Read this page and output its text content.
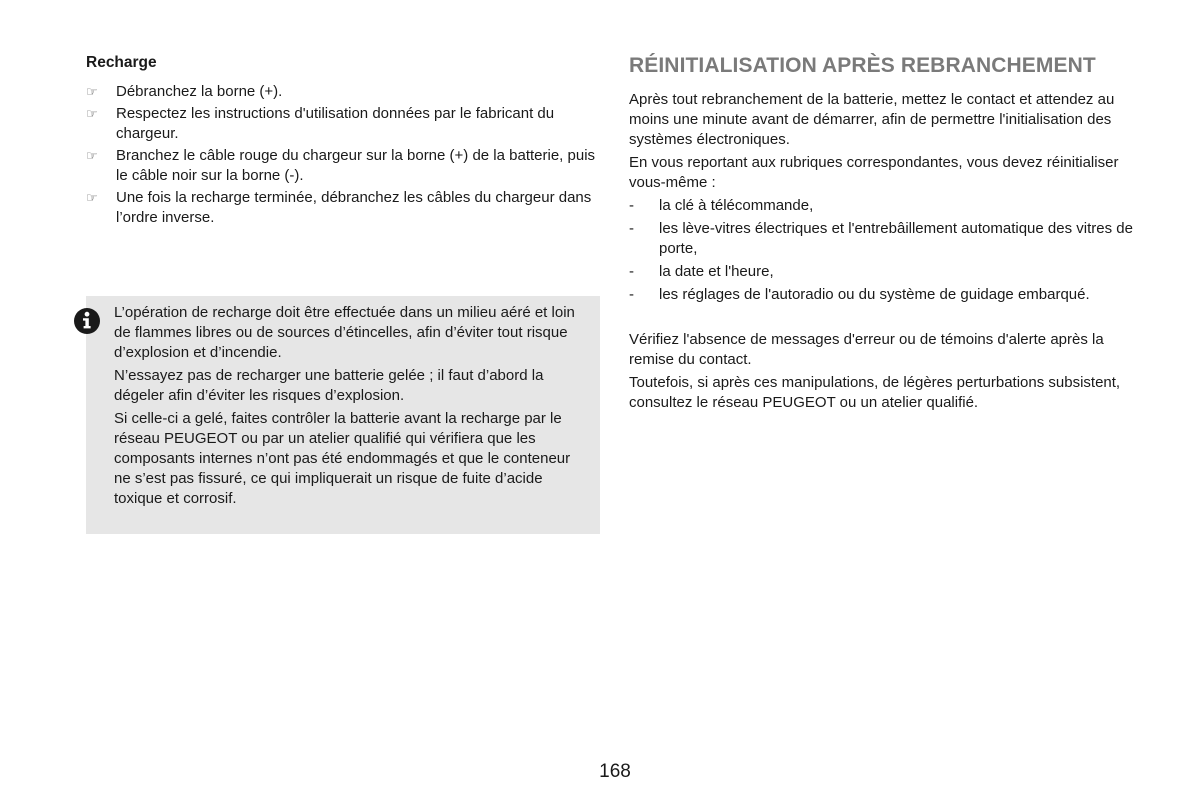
Recharge
☞ Débranchez la borne (+).
☞ Respectez les instructions d'utilisation données par le fabricant du chargeur.
☞ Branchez le câble rouge du chargeur sur la borne (+) de la batterie, puis le câble noir sur la borne (-).
☞ Une fois la recharge terminée, débranchez les câbles du chargeur dans l’ordre inverse.

L’opération de recharge doit être effectuée dans un milieu aéré et loin de flammes libres ou de sources d’étincelles, afin d’éviter tout risque d’explosion et d’incendie.

N’essayez pas de recharger une batterie gelée ; il faut d’abord la dégeler afin d’éviter les risques d’explosion.

Si celle-ci a gelé, faites contrôler la batterie avant la recharge par le réseau PEUGEOT ou par un atelier qualifié qui vérifiera que les composants internes n’ont pas été endommagés et que le conteneur ne s’est pas fissuré, ce qui impliquerait un risque de fuite d’acide toxique et corrosif.

RÉINITIALISATION APRÈS REBRANCHEMENT

Après tout rebranchement de la batterie, mettez le contact et attendez au moins une minute avant de démarrer, afin de permettre l'initialisation des systèmes électroniques.

En vous reportant aux rubriques correspondantes, vous devez réinitialiser vous-même :

- la clé à télécommande,
- les lève-vitres électriques et l'entrebâillement automatique des vitres de porte,
- la date et l'heure,
- les réglages de l'autoradio ou du système de guidage embarqué.

Vérifiez l'absence de messages d'erreur ou de témoins d'alerte après la remise du contact.

Toutefois, si après ces manipulations, de légères perturbations subsistent, consultez le réseau PEUGEOT ou un atelier qualifié.

168
